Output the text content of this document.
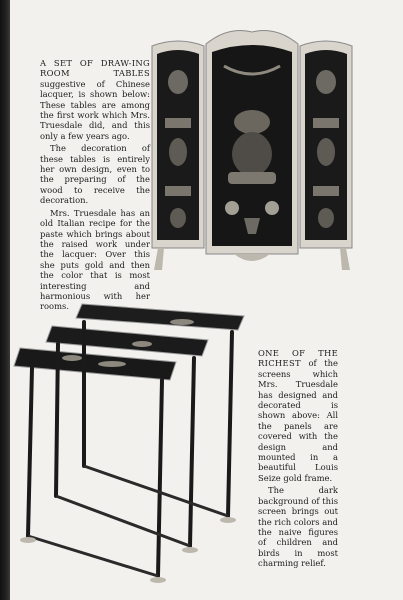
A SET OF DRAW-ING ROOM TABLES suggestive of Chinese lacquer, is shown below: These tables are among the first work which Mrs. Truesdale did, and this only a few years ago.

The decoration of these tables is entirely her own design, even to the preparing of the wood to receive the decoration.

Mrs. Truesdale has an old Italian recipe for the paste which brings about the raised work under the lacquer: Over this she puts gold and then the color that is most interesting and harmonious with her rooms.

ONE OF THE RICHEST of the screens which Mrs. Truesdale has designed and decorated is shown above: All the panels are covered with the design and mounted in a beautiful Louis Seize gold frame.

The dark background of this screen brings out the rich colors and the naive figures of children and birds in most charming relief.
